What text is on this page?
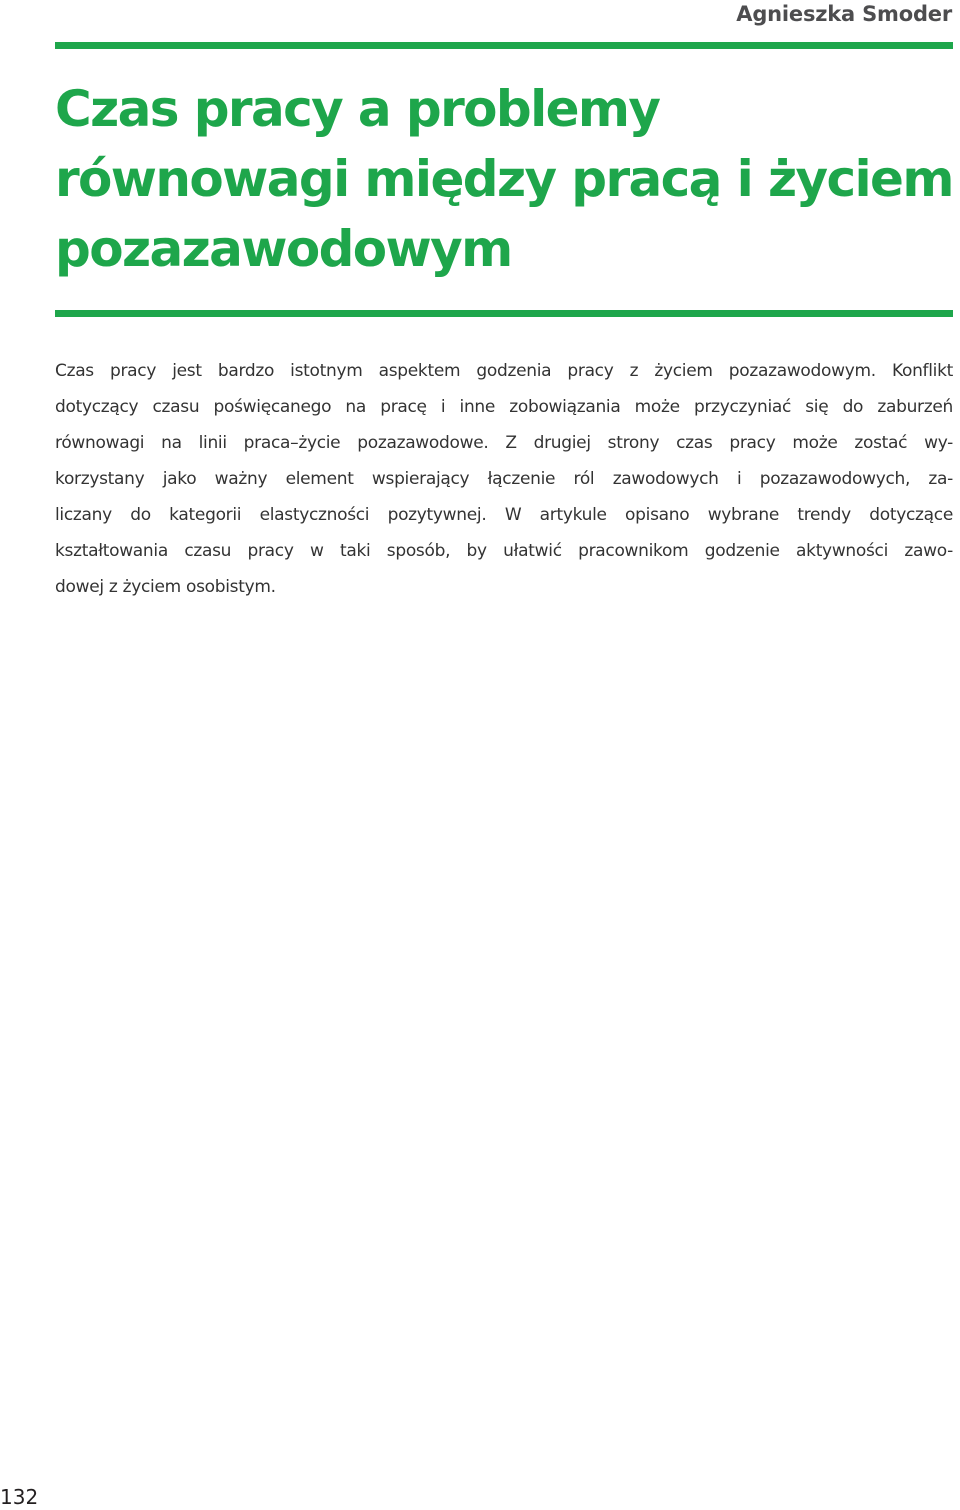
Agnieszka Smoder
Czas pracy a problemy
równowagi między pracą i życiem
pozazawodowym
Czas pracy jest bardzo istotnym aspektem godzenia pracy z życiem pozazawodowym. Konflikt
dotyczący czasu poświęcanego na pracę i inne zobowiązania może przyczyniać się do zaburzeń
równowagi na linii praca–życie pozazawodowe. Z drugiej strony czas pracy może zostać wy-
korzystany jako ważny element wspierający łączenie ról zawodowych i pozazawodowych, za-
liczany do kategorii elastyczności pozytywnej. W artykule opisano wybrane trendy dotyczące
kształtowania czasu pracy w taki sposób, by ułatwić pracownikom godzenie aktywności zawo-
dowej z życiem osobistym.
132
